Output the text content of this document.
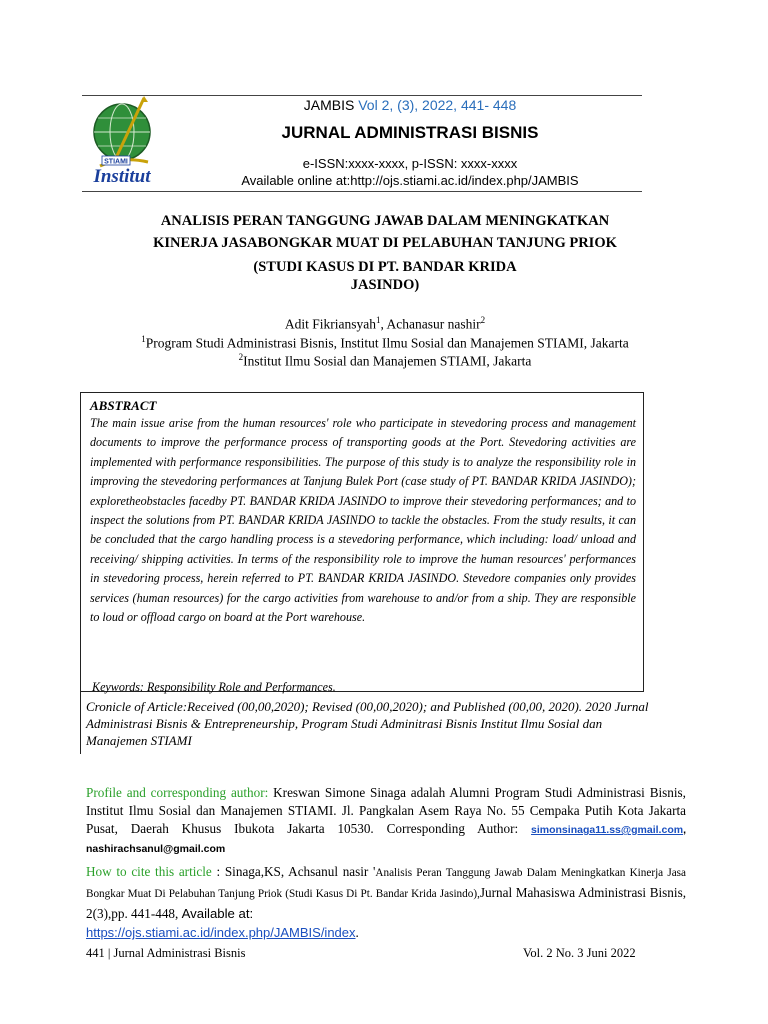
STIAMI
Institut
JAMBIS Vol 2, (3), 2022, 441- 448
JURNAL ADMINISTRASI BISNIS
e-ISSN:xxxx-xxxx, p-ISSN: xxxx-xxxx
Available online at:http://ojs.stiami.ac.id/index.php/JAMBIS
ANALISIS PERAN TANGGUNG JAWAB DALAM MENINGKATKAN
KINERJA JASABONGKAR MUAT DI PELABUHAN TANJUNG PRIOK
(STUDI KASUS DI PT. BANDAR KRIDA
JASINDO)
Adit Fikriansyah$^1$, Achanasur nashir$^2$
$^1$Program Studi Administrasi Bisnis, Institut Ilmu Sosial dan Manajemen STIAMI, Jakarta
$^2$Institut Ilmu Sosial dan Manajemen STIAMI, Jakarta
ABSTRACT
The main issue arise from the human resources' role who participate in stevedoring process and management documents to improve the performance process of transporting goods at the Port. Stevedoring activities are implemented with performance responsibilities. The purpose of this study is to analyze the responsibility role in improving the stevedoring performances at Tanjung Bulek Port (case study of PT. BANDAR KRIDA JASINDO); exploretheobstacles facedby PT. BANDAR KRIDA JASINDO to improve their stevedoring performances; and to inspect the solutions from PT. BANDAR KRIDA JASINDO to tackle the obstacles. From the study results, it can be concluded that the cargo handling process is a stevedoring performance, which including: load/ unload and receiving/ shipping activities. In terms of the responsibility role to improve the human resources' performances in stevedoring process, herein referred to PT. BANDAR KRIDA JASINDO. Stevedore companies only provides services (human resources) for the cargo activities from warehouse to and/or from a ship. They are responsible to loud or offload cargo on board at the Port warehouse.
Keywords: Responsibility Role and Performances.
Cronicle of Article:Received (00,00,2020); Revised (00,00,2020); and Published (00,00, 2020). 2020 Jurnal Administrasi Bisnis & Entrepreneurship, Program Studi Adminitrasi Bisnis Institut Ilmu Sosial dan Manajemen STIAMI
Profile and corresponding author: Kreswan Simone Sinaga adalah Alumni Program Studi Administrasi Bisnis, Institut Ilmu Sosial dan Manajemen STIAMI. Jl. Pangkalan Asem Raya No. 55 Cempaka Putih Kota Jakarta Pusat, Daerah Khusus Ibukota Jakarta 10530. Corresponding Author: simonsinaga11.ss@gmail.com, nashirachsanul@gmail.com
How to cite this article : Sinaga,KS, Achsanul nasir 'Analisis Peran Tanggung Jawab Dalam Meningkatkan Kinerja Jasa Bongkar Muat Di Pelabuhan Tanjung Priok (Studi Kasus Di Pt. Bandar Krida Jasindo),Jurnal Mahasiswa Administrasi Bisnis, 2(3),pp. 441-448, Available at:
https://ojs.stiami.ac.id/index.php/JAMBIS/index.
441 | Jurnal Administrasi Bisnis	Vol. 2 No. 3 Juni 2022
